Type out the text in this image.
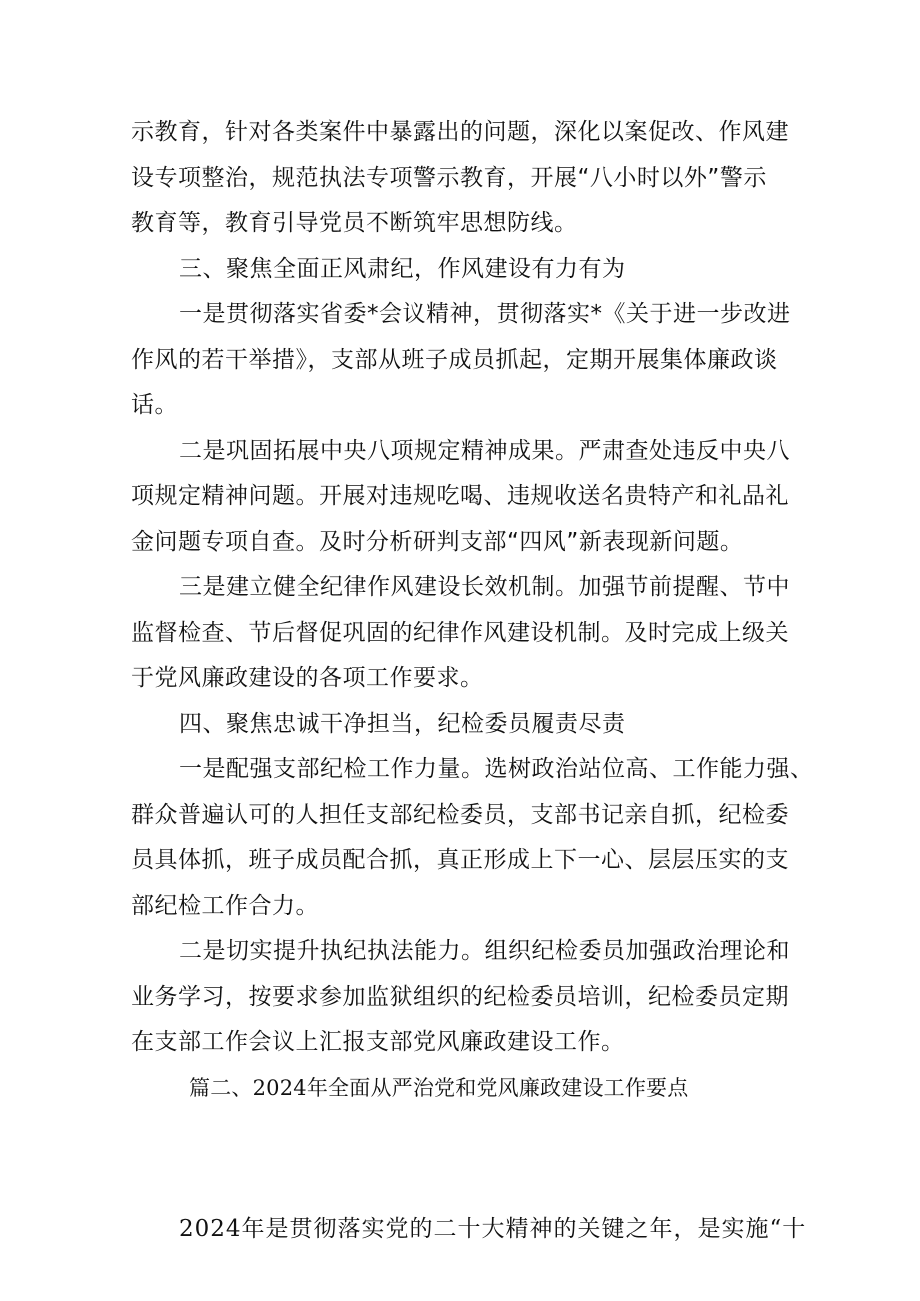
示教育，针对各类案件中暴露出的问题，深化以案促改、作风建
设专项整治，规范执法专项警示教育，开展“八小时以外”警示
教育等，教育引导党员不断筑牢思想防线。
三、聚焦全面正风肃纪，作风建设有力有为
一是贯彻落实省委*会议精神，贯彻落实*《关于进一步改进
作风的若干举措》，支部从班子成员抓起，定期开展集体廉政谈
话。
二是巩固拓展中央八项规定精神成果。严肃查处违反中央八
项规定精神问题。开展对违规吃喝、违规收送名贵特产和礼品礼
金问题专项自查。及时分析研判支部“四风”新表现新问题。
三是建立健全纪律作风建设长效机制。加强节前提醒、节中
监督检查、节后督促巩固的纪律作风建设机制。及时完成上级关
于党风廉政建设的各项工作要求。
四、聚焦忠诚干净担当，纪检委员履责尽责
一是配强支部纪检工作力量。选树政治站位高、工作能力强、
群众普遍认可的人担任支部纪检委员，支部书记亲自抓，纪检委
员具体抓，班子成员配合抓，真正形成上下一心、层层压实的支
部纪检工作合力。
二是切实提升执纪执法能力。组织纪检委员加强政治理论和
业务学习，按要求参加监狱组织的纪检委员培训，纪检委员定期
在支部工作会议上汇报支部党风廉政建设工作。
篇二、2024年全面从严治党和党风廉政建设工作要点
2024年是贯彻落实党的二十大精神的关键之年，是实施“十
